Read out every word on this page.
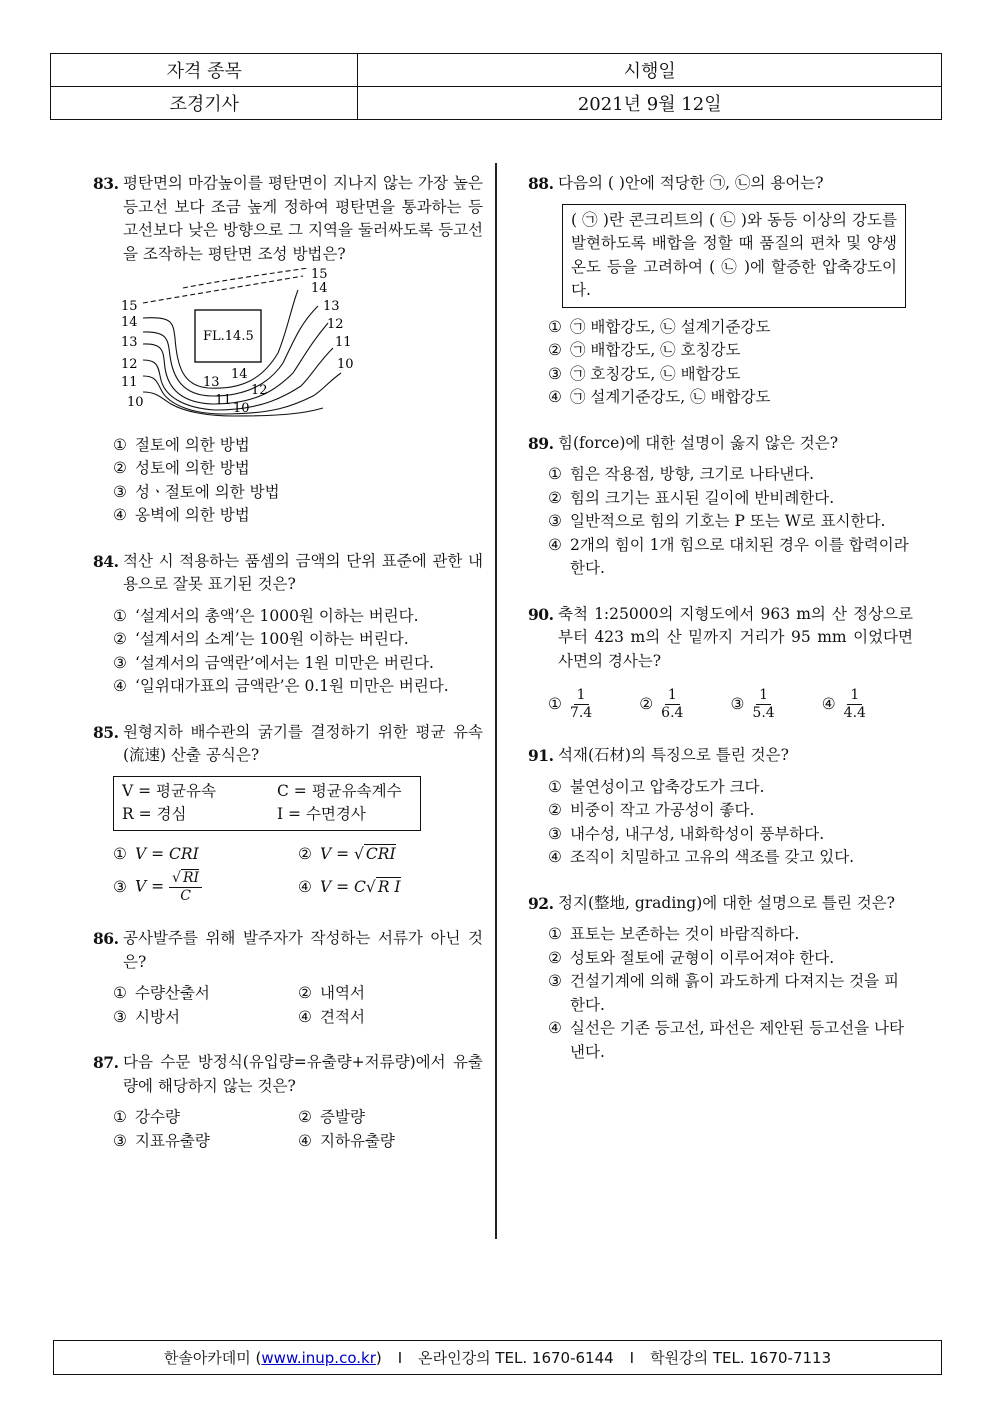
자격 종목	시행일
조경기사	2021년 9월 12일
83. 평탄면의 마감높이를 평탄면이 지나지 않는 가장 높은 등고선 보다 조금 높게 정하여 평탄면을 통과하는 등고선보다 낮은 방향으로 그 지역을 둘러싸도록 등고선을 조작하는 평탄면 조성 방법은?
FL.14.5
15
14
13
12
11
10
15
14
13
12
11
10
13
14
12
11
10
① 절토에 의한 방법
② 성토에 의한 방법
③ 성ㆍ절토에 의한 방법
④ 옹벽에 의한 방법
84. 적산 시 적용하는 품셈의 금액의 단위 표준에 관한 내용으로 잘못 표기된 것은?
① ‘설계서의 총액’은 1000원 이하는 버린다.
② ‘설계서의 소계’는 100원 이하는 버린다.
③ ‘설계서의 금액란’에서는 1원 미만은 버린다.
④ ‘일위대가표의 금액란’은 0.1원 미만은 버린다.
85. 원형지하 배수관의 굵기를 결정하기 위한 평균 유속(流速) 산출 공식은?
V = 평균유속	C = 평균유속계수
R = 경심	I = 수면경사
① V = CRI	② V = √ CRI
③ $V = \frac{√ RI}{C}$	④ V = C√ R I
86. 공사발주를 위해 발주자가 작성하는 서류가 아닌 것은?
① 수량산출서	② 내역서
③ 시방서	④ 견적서
87. 다음 수문 방정식(유입량=유출량+저류량)에서 유출량에 해당하지 않는 것은?
① 강수량	② 증발량
③ 지표유출량	④ 지하유출량
88. 다음의 ( )안에 적당한 ㉠, ㉡의 용어는?
( ㉠ )란 콘크리트의 ( ㉡ )와 동등 이상의 강도를 발현하도록 배합을 정할 때 품질의 편차 및 양생온도 등을 고려하여 ( ㉡ )에 할증한 압축강도이다.
① ㉠ 배합강도, ㉡ 설계기준강도
② ㉠ 배합강도, ㉡ 호칭강도
③ ㉠ 호칭강도, ㉡ 배합강도
④ ㉠ 설계기준강도, ㉡ 배합강도
89. 힘(force)에 대한 설명이 옳지 않은 것은?
① 힘은 작용점, 방향, 크기로 나타낸다.
② 힘의 크기는 표시된 길이에 반비례한다.
③ 일반적으로 힘의 기호는 P 또는 W로 표시한다.
④ 2개의 힘이 1개 힘으로 대치된 경우 이를 합력이라 한다.
90. 축척 1:25000의 지형도에서 963 m의 산 정상으로 부터 423 m의 산 밑까지 거리가 95 mm 이었다면 사면의 경사는?
① $\frac{1}{7.4}$	② $\frac{1}{6.4}$	③ $\frac{1}{5.4}$	④ $\frac{1}{4.4}$
91. 석재(石材)의 특징으로 틀린 것은?
① 불연성이고 압축강도가 크다.
② 비중이 작고 가공성이 좋다.
③ 내수성, 내구성, 내화학성이 풍부하다.
④ 조직이 치밀하고 고유의 색조를 갖고 있다.
92. 정지(整地, grading)에 대한 설명으로 틀린 것은?
① 표토는 보존하는 것이 바람직하다.
② 성토와 절토에 균형이 이루어져야 한다.
③ 건설기계에 의해 흙이 과도하게 다져지는 것을 피한다.
④ 실선은 기존 등고선, 파선은 제안된 등고선을 나타낸다.
한솔아카데미 ( www.inup.co.kr ) I 온라인강의 TEL. 1670-6144 I 학원강의 TEL. 1670-7113
